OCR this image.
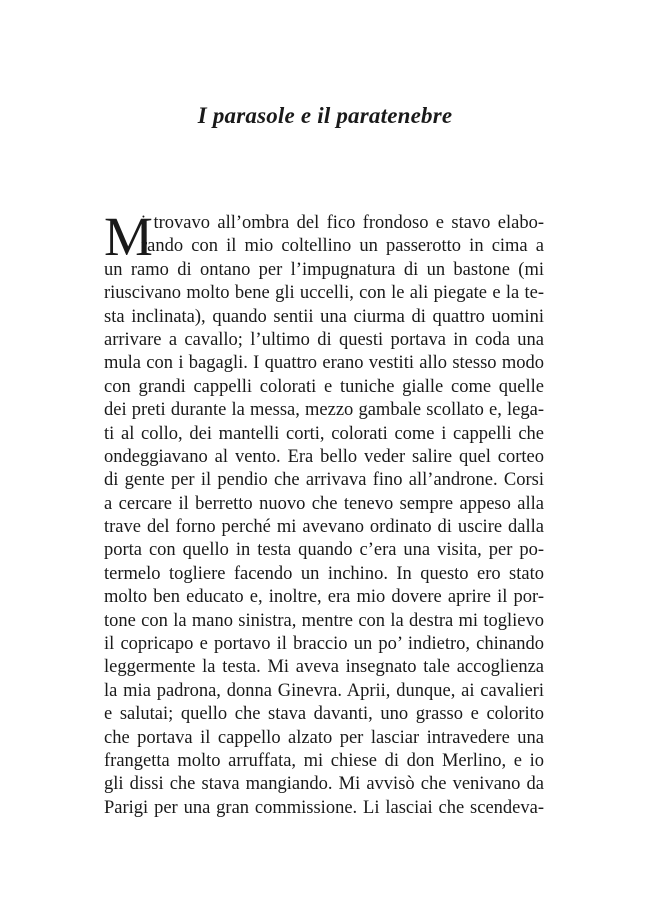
I parasole e il paratenebre
M
i trovavo all’ombra del fico frondoso e stavo elabo-
rando con il mio coltellino un passerotto in cima a
un ramo di ontano per l’impugnatura di un bastone (mi
riuscivano molto bene gli uccelli, con le ali piegate e la te-
sta inclinata), quando sentii una ciurma di quattro uomini
arrivare a cavallo; l’ultimo di questi portava in coda una
mula con i bagagli. I quattro erano vestiti allo stesso modo
con grandi cappelli colorati e tuniche gialle come quelle
dei preti durante la messa, mezzo gambale scollato e, lega-
ti al collo, dei mantelli corti, colorati come i cappelli che
ondeggiavano al vento. Era bello veder salire quel corteo
di gente per il pendio che arrivava fino all’androne. Corsi
a cercare il berretto nuovo che tenevo sempre appeso alla
trave del forno perché mi avevano ordinato di uscire dalla
porta con quello in testa quando c’era una visita, per po-
termelo togliere facendo un inchino. In questo ero stato
molto ben educato e, inoltre, era mio dovere aprire il por-
tone con la mano sinistra, mentre con la destra mi toglievo
il copricapo e portavo il braccio un po’ indietro, chinando
leggermente la testa. Mi aveva insegnato tale accoglienza
la mia padrona, donna Ginevra. Aprii, dunque, ai cavalieri
e salutai; quello che stava davanti, uno grasso e colorito
che portava il cappello alzato per lasciar intravedere una
frangetta molto arruffata, mi chiese di don Merlino, e io
gli dissi che stava mangiando. Mi avvisò che venivano da
Parigi per una gran commissione. Li lasciai che scendeva-
